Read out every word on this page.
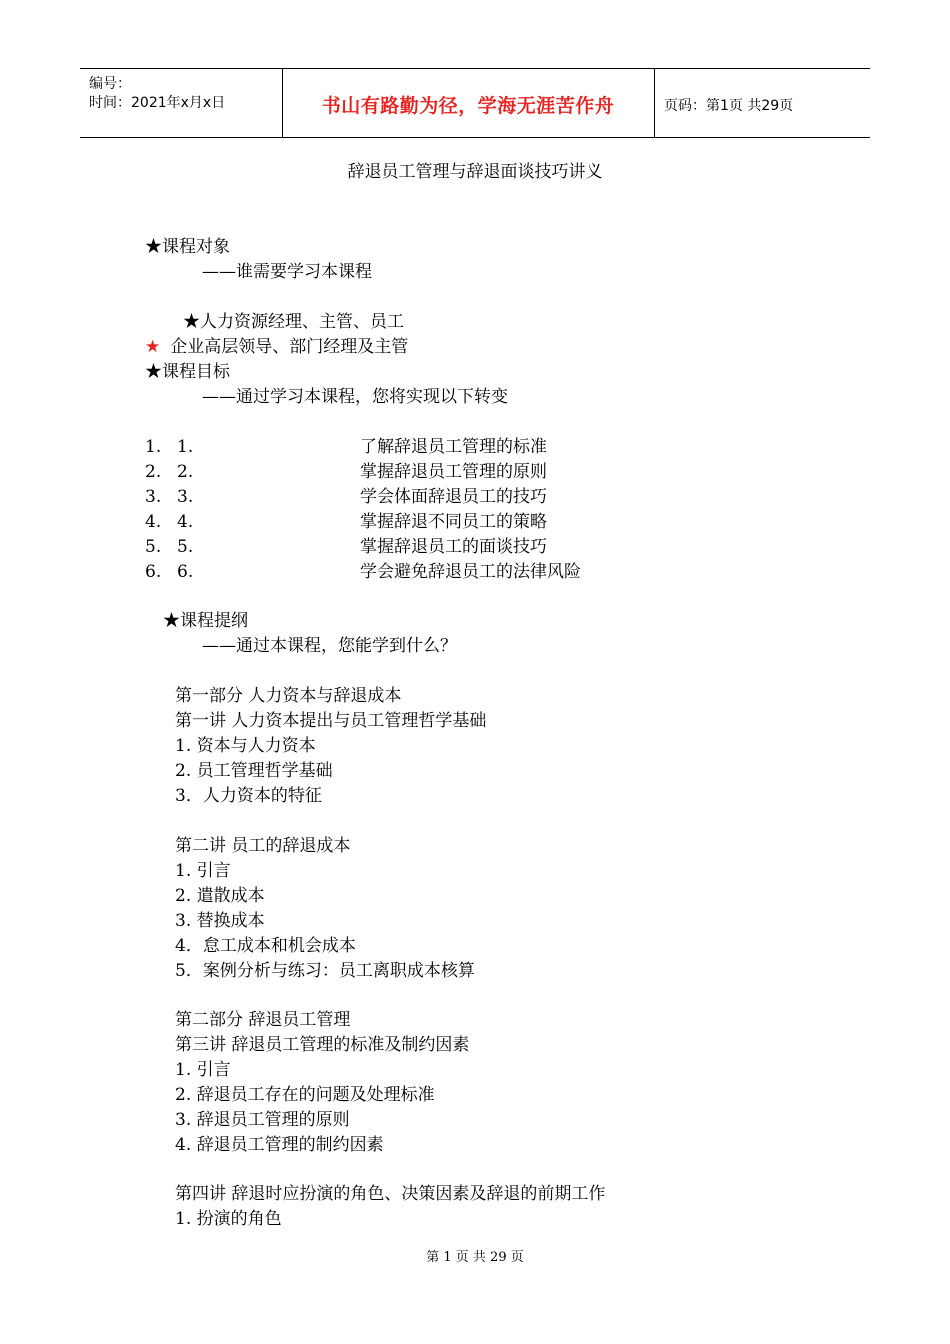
编号：
时间：2021年x月x日	书山有路勤为径，学海无涯苦作舟	页码：第1页 共29页
辞退员工管理与辞退面谈技巧讲义
★课程对象
——谁需要学习本课程
★人力资源经理、主管、员工
★ 企业高层领导、部门经理及主管
★课程目标
——通过学习本课程，您将实现以下转变
1. 1.	了解辞退员工管理的标准
2. 2.	掌握辞退员工管理的原则
3. 3.	学会体面辞退员工的技巧
4. 4.	掌握辞退不同员工的策略
5. 5.	掌握辞退员工的面谈技巧
6. 6.	学会避免辞退员工的法律风险
★课程提纲
——通过本课程，您能学到什么？
第一部分 人力资本与辞退成本
第一讲 人力资本提出与员工管理哲学基础
1. 资本与人力资本
2. 员工管理哲学基础
3．人力资本的特征
第二讲 员工的辞退成本
1. 引言
2. 遣散成本
3. 替换成本
4．怠工成本和机会成本
5．案例分析与练习：员工离职成本核算
第二部分 辞退员工管理
第三讲 辞退员工管理的标准及制约因素
1. 引言
2. 辞退员工存在的问题及处理标准
3. 辞退员工管理的原则
4. 辞退员工管理的制约因素
第四讲 辞退时应扮演的角色、决策因素及辞退的前期工作
1. 扮演的角色
第 1 页 共 29 页
